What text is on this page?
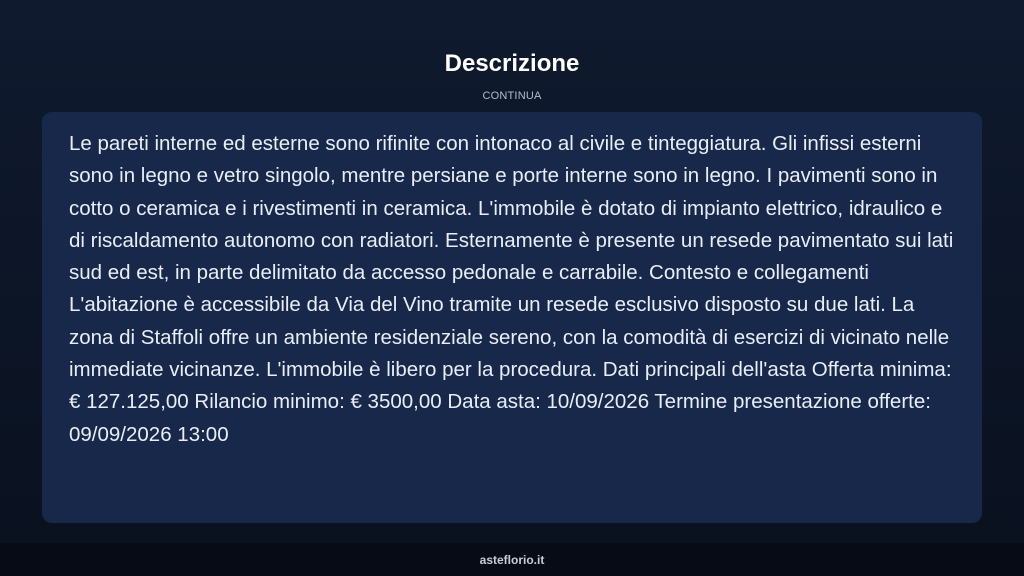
Descrizione
CONTINUA

Le pareti interne ed esterne sono rifinite con intonaco al civile e tinteggiatura. Gli infissi esterni sono in legno e vetro singolo, mentre persiane e porte interne sono in legno. I pavimenti sono in cotto o ceramica e i rivestimenti in ceramica. L'immobile è dotato di impianto elettrico, idraulico e di riscaldamento autonomo con radiatori. Esternamente è presente un resede pavimentato sui lati sud ed est, in parte delimitato da accesso pedonale e carrabile. Contesto e collegamenti L'abitazione è accessibile da Via del Vino tramite un resede esclusivo disposto su due lati. La zona di Staffoli offre un ambiente residenziale sereno, con la comodità di esercizi di vicinato nelle immediate vicinanze. L'immobile è libero per la procedura. Dati principali dell'asta Offerta minima: € 127.125,00 Rilancio minimo: € 3500,00 Data asta: 10/09/2026 Termine presentazione offerte: 09/09/2026 13:00

asteflorio.it
